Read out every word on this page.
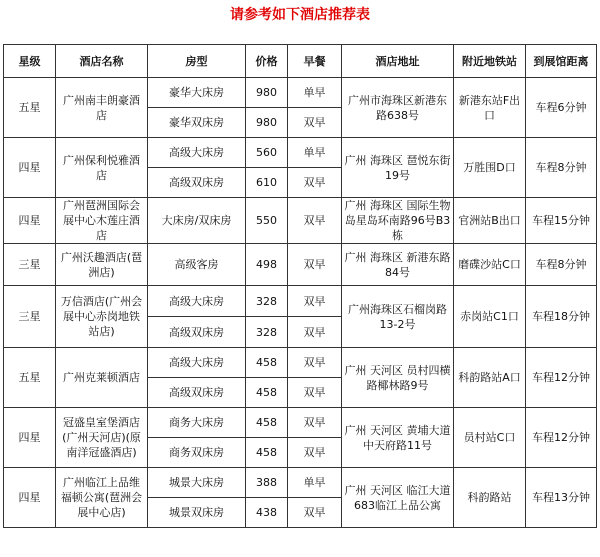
请参考如下酒店推荐表
星级	酒店名称	房型	价格	早餐	酒店地址	附近地铁站	到展馆距离
五星	广州南丰朗豪酒店	豪华大床房	980	单早	广州市海珠区新港东路638号	新港东站F出口	车程6分钟
		豪华双床房	980	双早			
四星	广州保利悦雅酒店	高级大床房	560	单早	广州 海珠区 琶悦东街19号	万胜围D口	车程8分钟
		高级双床房	610	双早			
四星	广州琶洲国际会展中心木莲庄酒店	大床房/双床房	550	双早	广州 海珠区 国际生物岛星岛环南路96号B3栋	官洲站B出口	车程15分钟
三星	广州沃趣酒店(琶洲店)	高级客房	498	双早	广州 海珠区 新港东路84号	磨碟沙站C口	车程8分钟
三星	万信酒店(广州会展中心赤岗地铁站店)	高级大床房	328	双早	广州海珠区石榴岗路13-2号	赤岗站C1口	车程18分钟
		高级双床房	328	双早			
五星	广州克莱顿酒店	高级大床房	458	双早	广州 天河区 员村四横路椰林路9号	科韵路站A口	车程12分钟
		高级双床房	458	双早			
四星	冠盛皇室堡酒店(广州天河店)(原南洋冠盛酒店)	商务大床房	458	双早	广州 天河区 黄埔大道中天府路11号	员村站C口	车程12分钟
		商务双床房	458	双早			
四星	广州临江上品维福顿公寓(琶洲会展中心店)	城景大床房	388	单早	广州 天河区 临江大道683临江上品公寓	科韵路站	车程13分钟
		城景双床房	438	双早			
